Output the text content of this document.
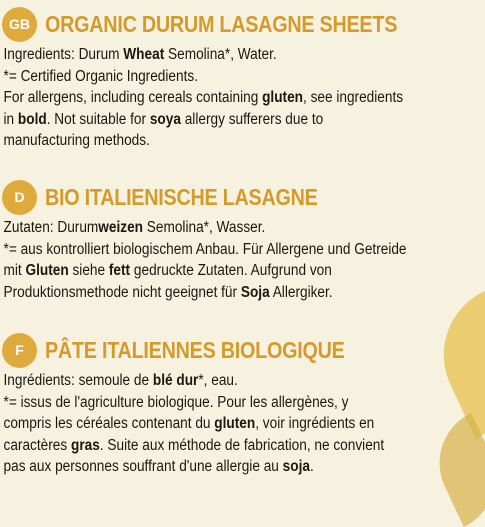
GB ORGANIC DURUM LASAGNE SHEETS
Ingredients: Durum Wheat Semolina*, Water.
*= Certified Organic Ingredients.
For allergens, including cereals containing gluten, see ingredients
in bold. Not suitable for soya allergy sufferers due to
manufacturing methods.
D BIO ITALIENISCHE LASAGNE
Zutaten: Durumweizen Semolina*, Wasser.
*= aus kontrolliert biologischem Anbau. Für Allergene und Getreide
mit Gluten siehe fett gedruckte Zutaten. Aufgrund von
Produktionsmethode nicht geeignet für Soja Allergiker.
F PÂTE ITALIENNES BIOLOGIQUE
Ingrédients: semoule de blé dur*, eau.
*= issus de l'agriculture biologique. Pour les allergènes, y
compris les céréales contenant du gluten, voir ingrédients en
caractères gras. Suite aux méthode de fabrication, ne convient
pas aux personnes souffrant d'une allergie au soja.
